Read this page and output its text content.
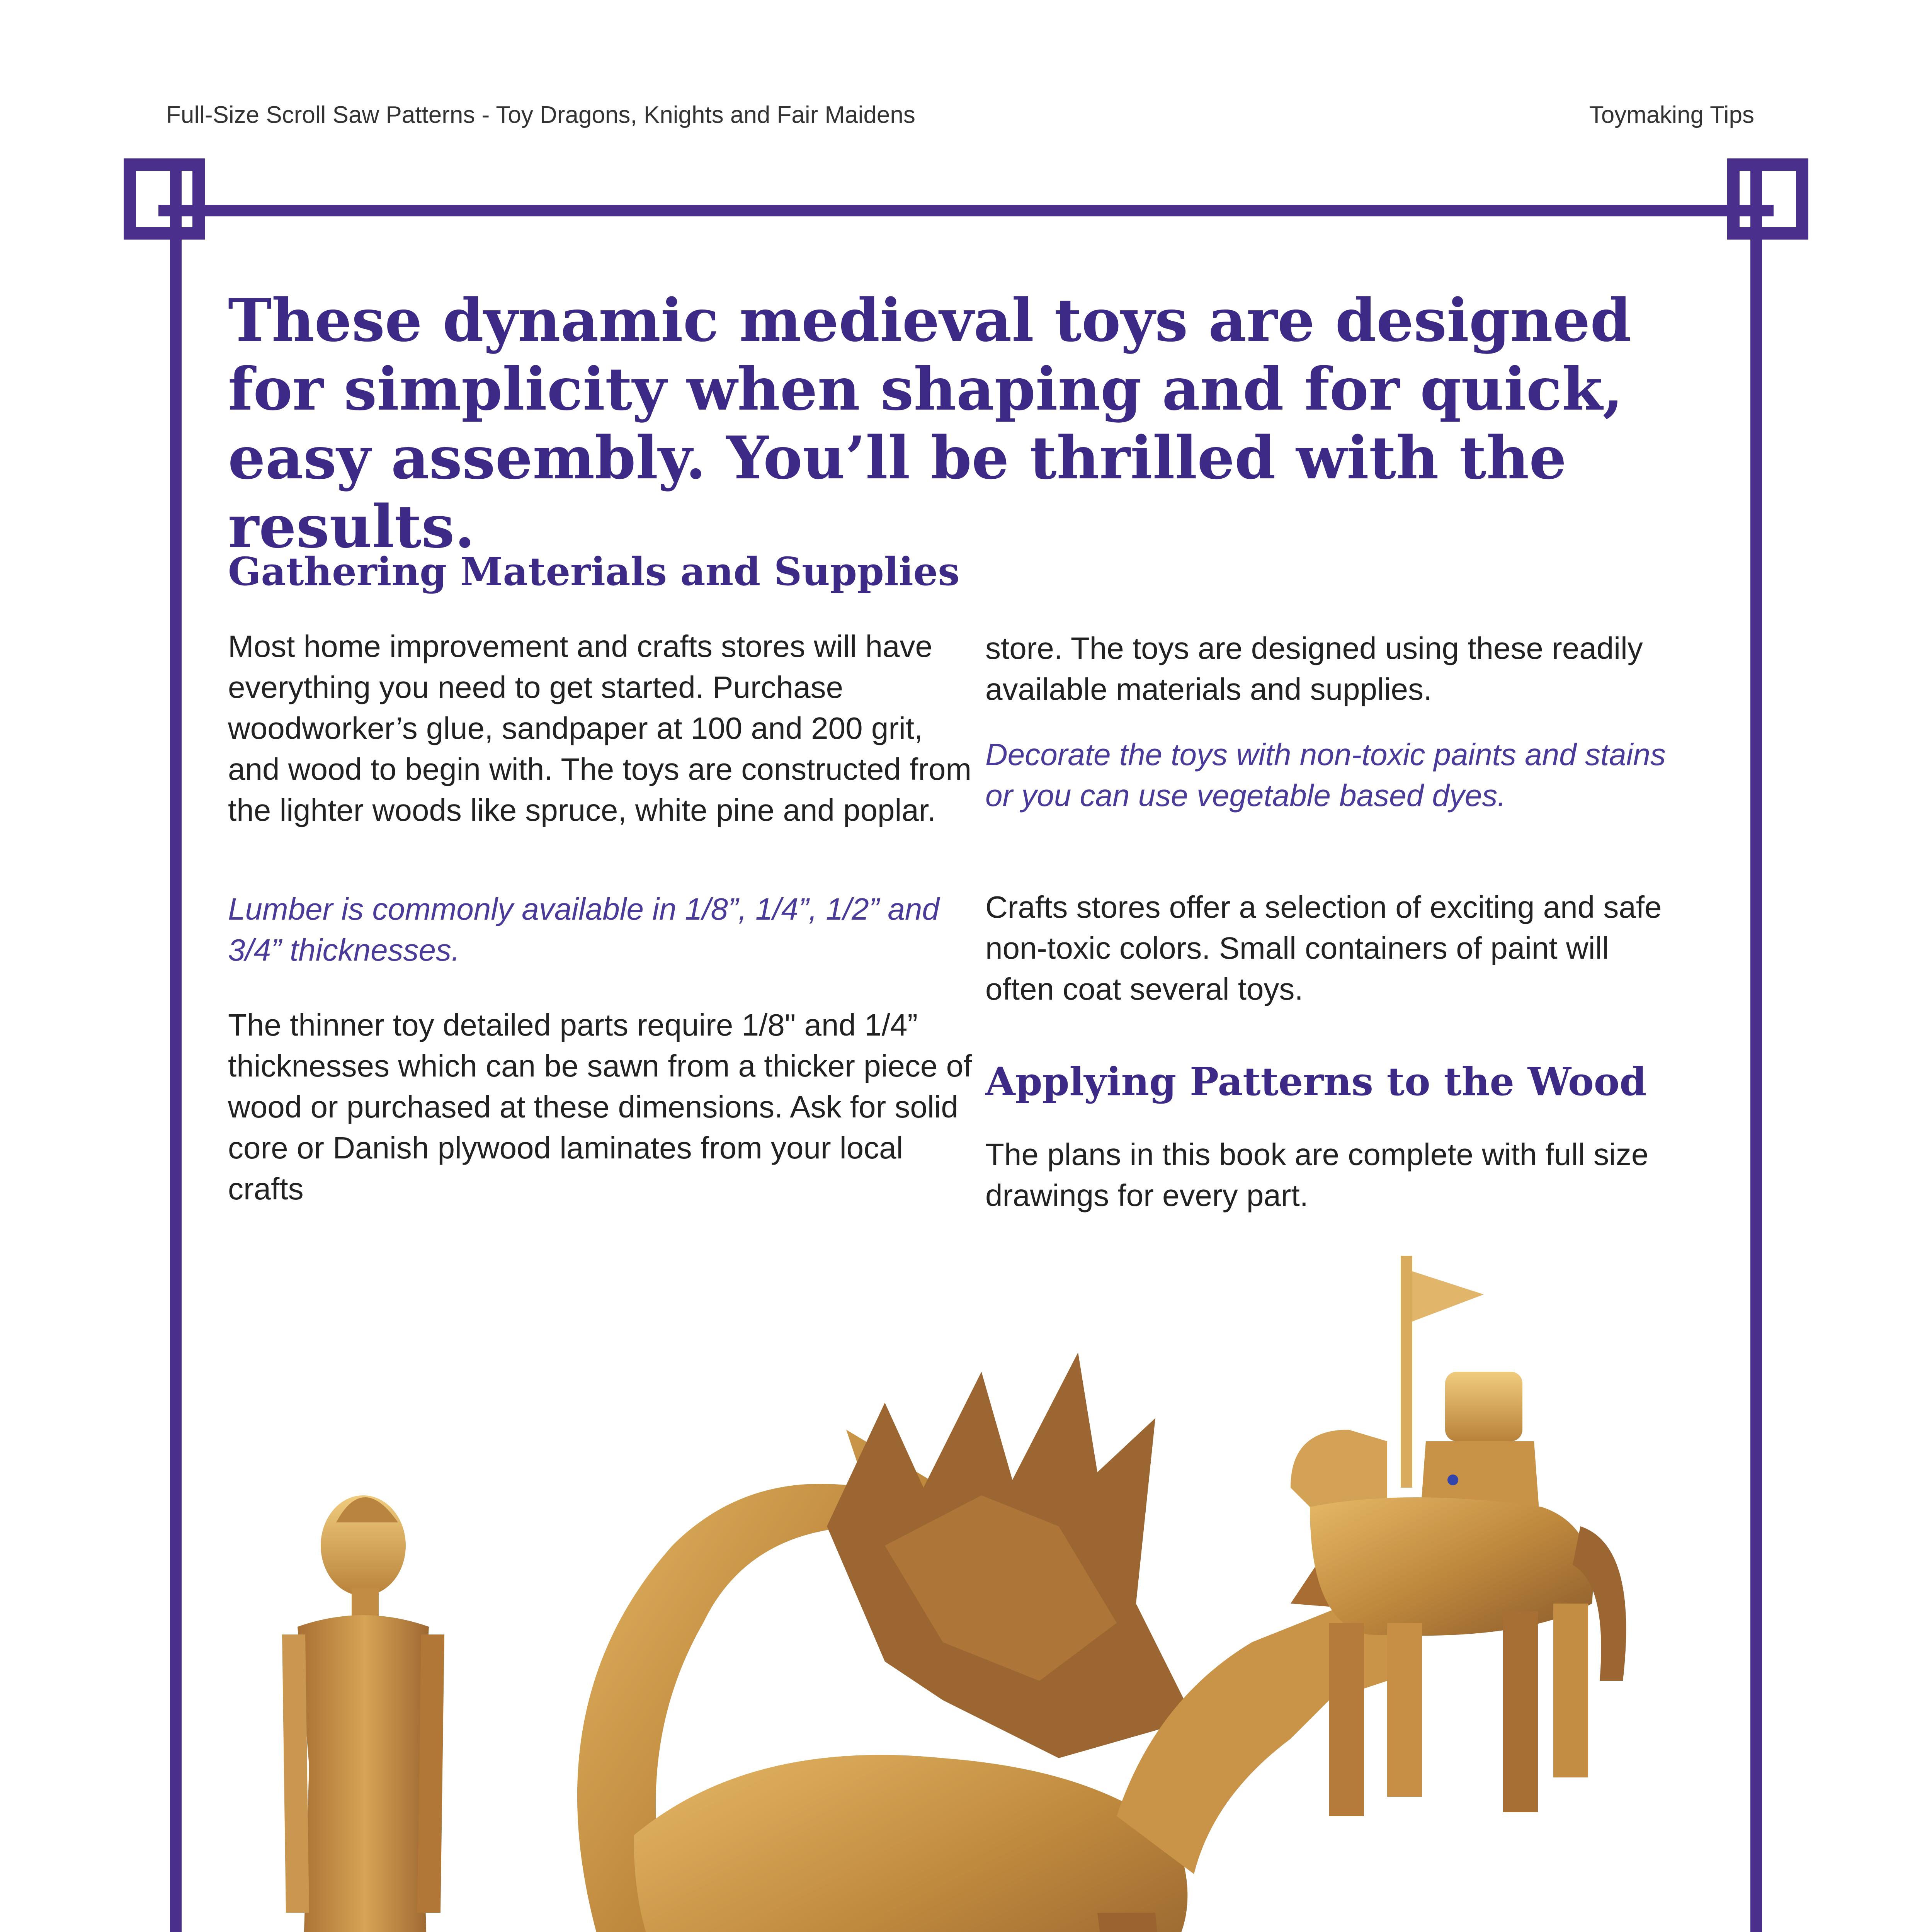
Full-Size Scroll Saw Patterns - Toy Dragons, Knights and Fair Maidens	Toymaking Tips
These dynamic medieval toys are designed for simplicity when shaping and for quick, easy assembly. You’ll be thrilled with the results.
Gathering Materials and Supplies

Most home improvement and crafts stores will have everything you need to get started. Purchase woodworker’s glue, sandpaper at 100 and 200 grit, and wood to begin with. The toys are constructed from the lighter woods like spruce, white pine and poplar.

Lumber is commonly available in 1/8”, 1/4”, 1/2” and 3/4” thicknesses.

The thinner toy detailed parts require 1/8" and 1/4” thicknesses which can be sawn from a thicker piece of wood or purchased at these dimensions. Ask for solid core or Danish plywood laminates from your local crafts

store. The toys are designed using these readily available materials and supplies.

Decorate the toys with non-toxic paints and stains or you can use vegetable based dyes.

Crafts stores offer a selection of exciting and safe non-toxic colors. Small containers of paint will often coat several toys.

Applying Patterns to the Wood

The plans in this book are complete with full size drawings for every part.
